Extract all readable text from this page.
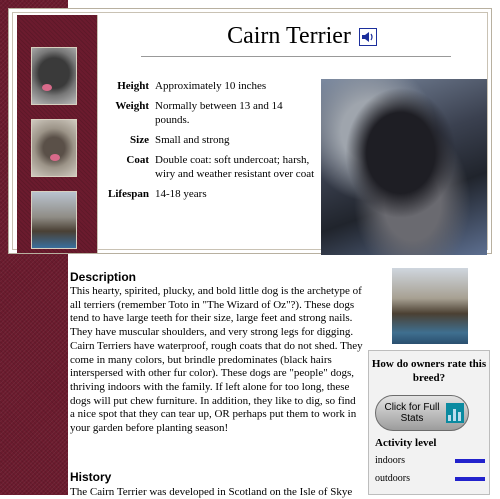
Cairn Terrier
Height Approximately 10 inches
Weight Normally between 13 and 14 pounds.
Size Small and strong
Coat Double coat: soft undercoat; harsh, wiry and weather resistant over coat
Lifespan 14-18 years
Description
This hearty, spirited, plucky, and bold little dog is the archetype of all terriers (remember Toto in "The Wizard of Oz"?). These dogs tend to have large teeth for their size, large feet and strong nails. They have muscular shoulders, and very strong legs for digging. Cairn Terriers have waterproof, rough coats that do not shed. They come in many colors, but brindle predominates (black hairs interspersed with other fur color). These dogs are "people" dogs, thriving indoors with the family. If left alone for too long, these dogs will put chew furniture. In addition, they like to dig, so find a nice spot that they can tear up, OR perhaps put them to work in your garden before planting season!
How do owners rate this breed?
Click for Full Stats
Activity level
indoors
outdoors
History
The Cairn Terrier was developed in Scotland on the Isle of Skye
